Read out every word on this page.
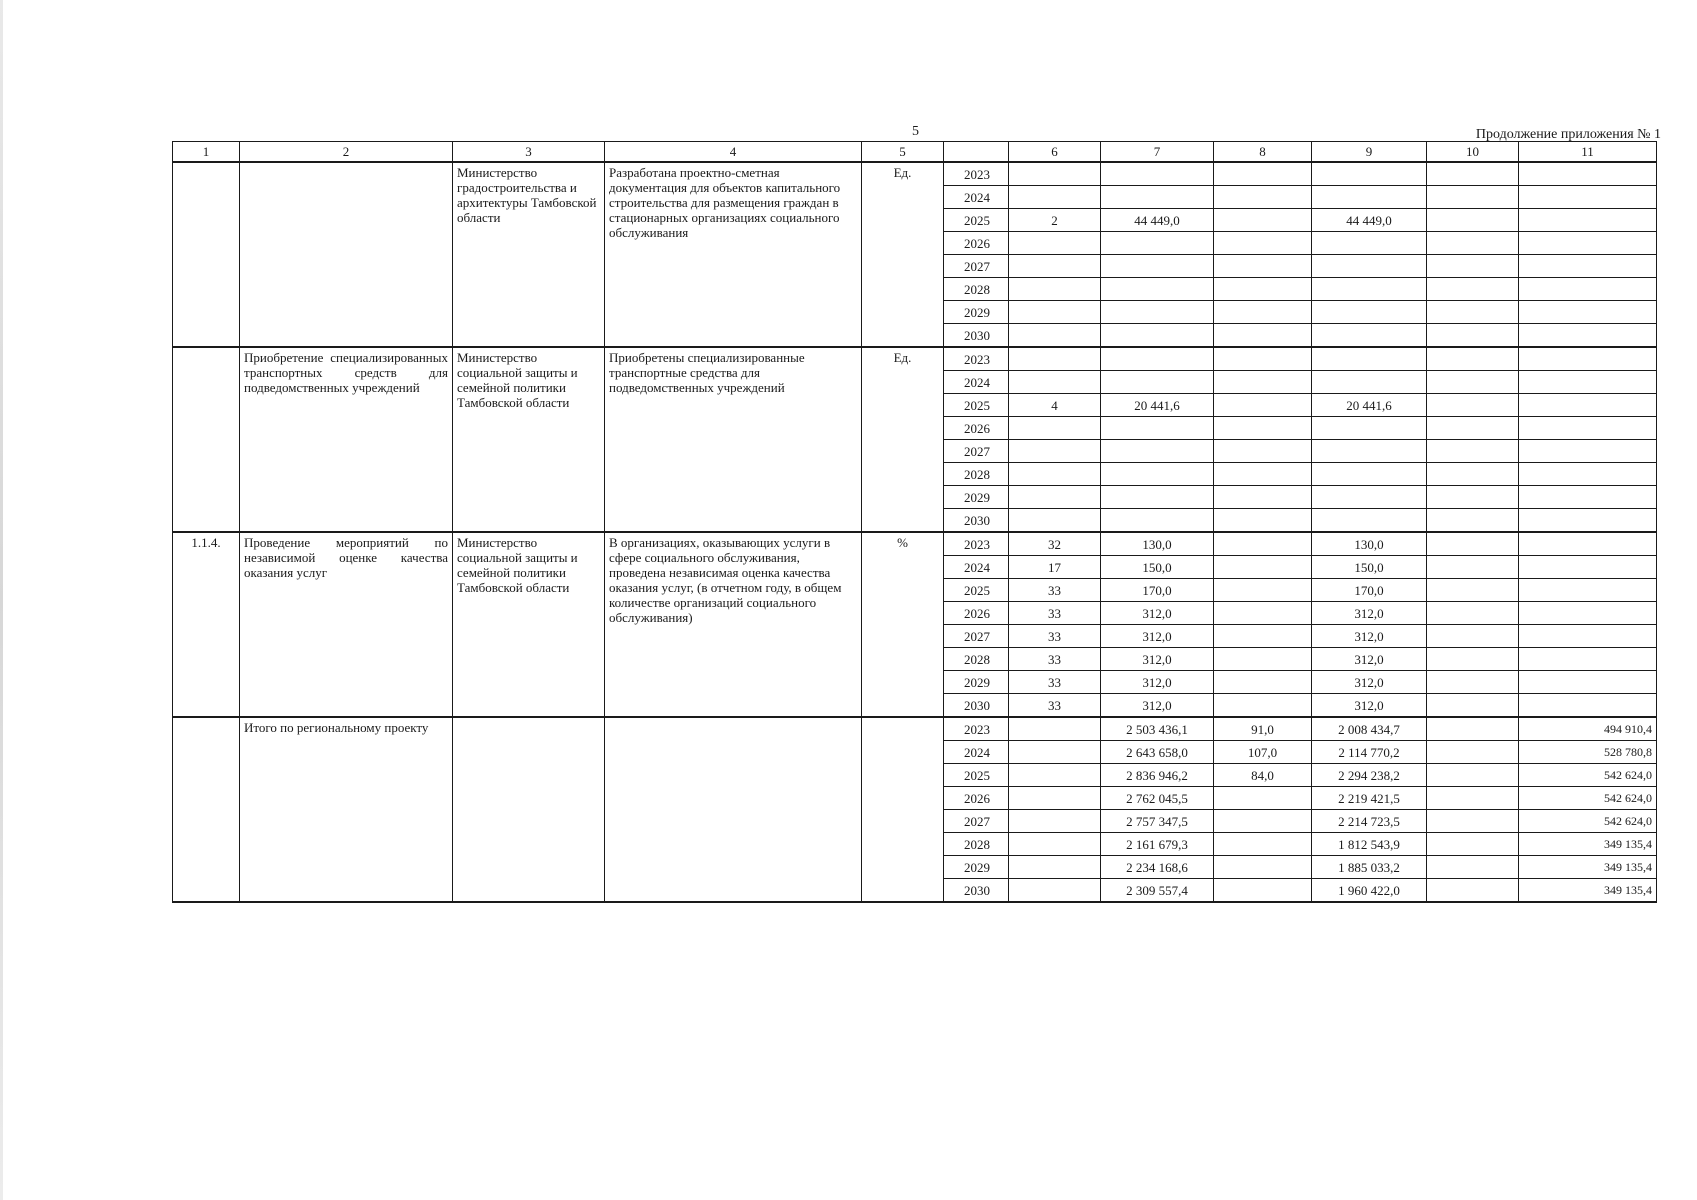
5	Продолжение приложения № 1
1	2	3	4	5		6	7	8	9	10	11
		Министерство градостроительства и архитектуры Тамбовской области	Разработана проектно-сметная документация для объектов капитального строительства для размещения граждан в стационарных организациях социального обслуживания	Ед.	2023						
					2024						
					2025	2	44 449,0		44 449,0		
					2026						
					2027						
					2028						
					2029						
					2030						
	Приобретение специализированных транспортных средств для подведомственных учреждений	Министерство социальной защиты и семейной политики Тамбовской области	Приобретены специализированные транспортные средства для подведомственных учреждений	Ед.	2023						
					2024						
					2025	4	20 441,6		20 441,6		
					2026						
					2027						
					2028						
					2029						
					2030						
1.1.4.	Проведение мероприятий по независимой оценке качества оказания услуг	Министерство социальной защиты и семейной политики Тамбовской области	В организациях, оказывающих услуги в сфере социального обслуживания, проведена независимая оценка качества оказания услуг, (в отчетном году, в общем количестве организаций социального обслуживания)	%	2023	32	130,0		130,0		
					2024	17	150,0		150,0		
					2025	33	170,0		170,0		
					2026	33	312,0		312,0		
					2027	33	312,0		312,0		
					2028	33	312,0		312,0		
					2029	33	312,0		312,0		
					2030	33	312,0		312,0		
	Итого по региональному проекту				2023		2 503 436,1	91,0	2 008 434,7		494 910,4
					2024		2 643 658,0	107,0	2 114 770,2		528 780,8
					2025		2 836 946,2	84,0	2 294 238,2		542 624,0
					2026		2 762 045,5		2 219 421,5		542 624,0
					2027		2 757 347,5		2 214 723,5		542 624,0
					2028		2 161 679,3		1 812 543,9		349 135,4
					2029		2 234 168,6		1 885 033,2		349 135,4
					2030		2 309 557,4		1 960 422,0		349 135,4
